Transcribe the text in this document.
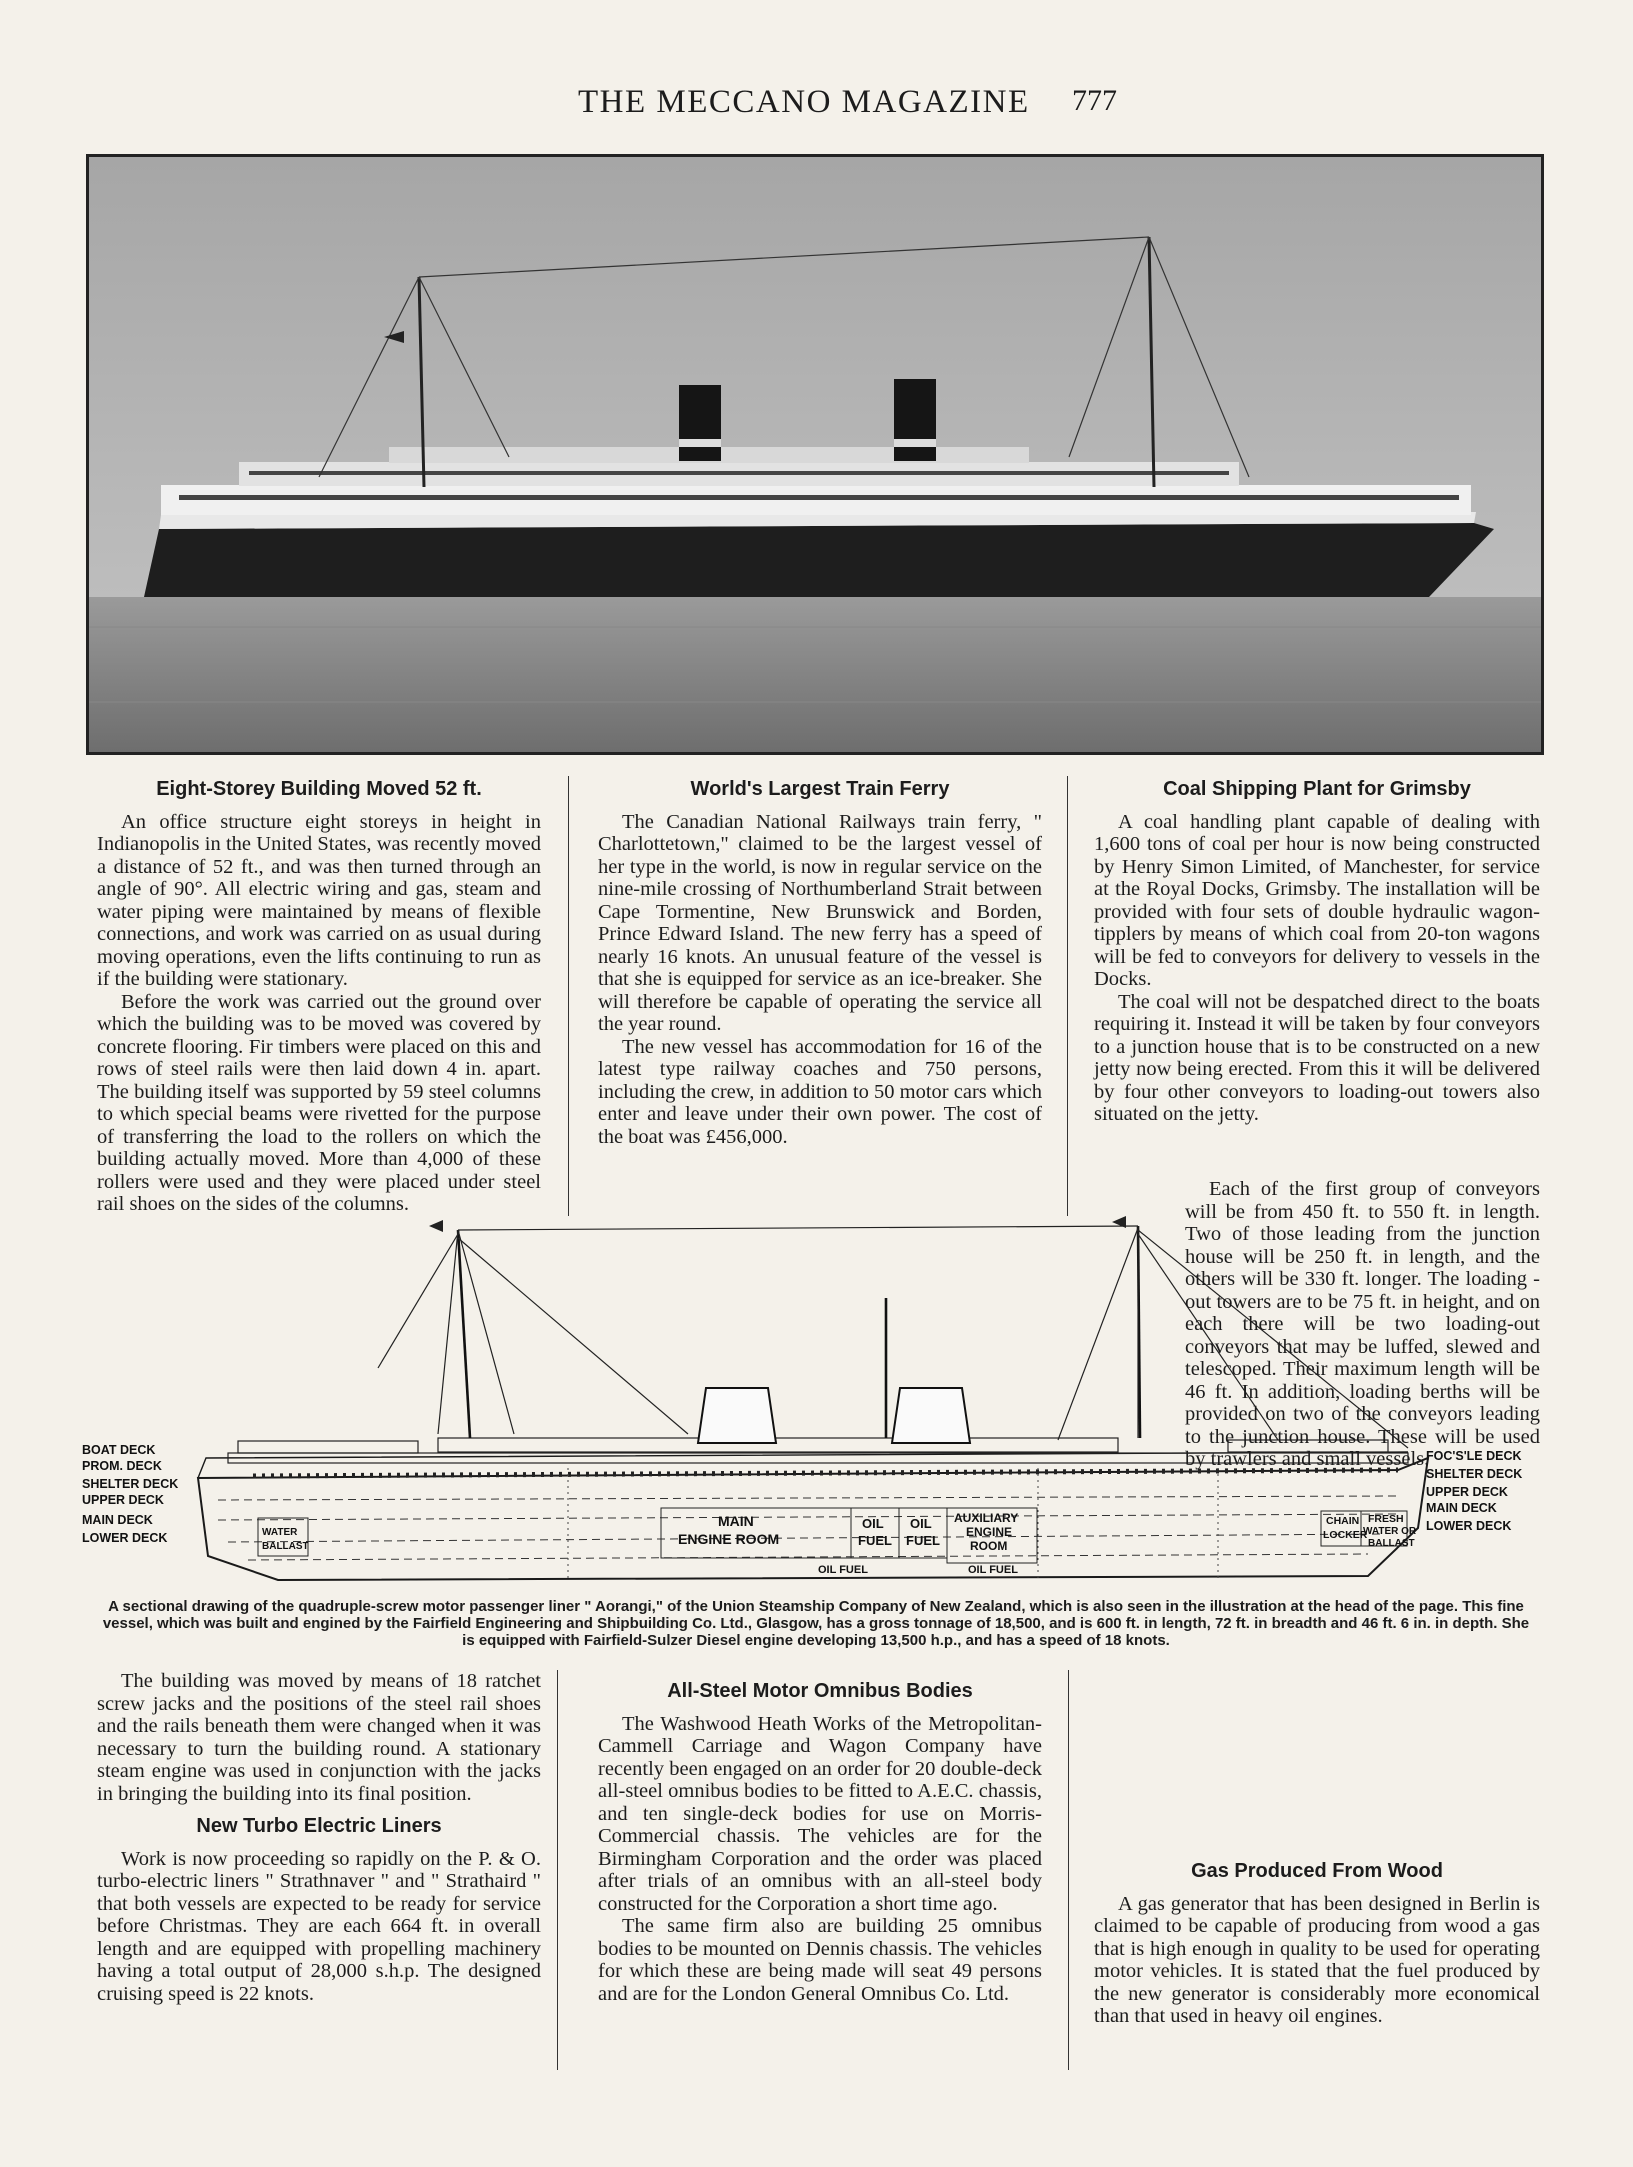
THE MECCANO MAGAZINE 777
Eight-Storey Building Moved 52 ft.

An office structure eight storeys in height in Indianopolis in the United States, was recently moved a distance of 52 ft., and was then turned through an angle of 90°. All electric wiring and gas, steam and water piping were maintained by means of flexible connections, and work was carried on as usual during moving operations, even the lifts continuing to run as if the building were stationary.

Before the work was carried out the ground over which the building was to be moved was covered by concrete flooring. Fir timbers were placed on this and rows of steel rails were then laid down 4 in. apart. The building itself was supported by 59 steel columns to which special beams were rivetted for the purpose of transferring the load to the rollers on which the building actually moved. More than 4,000 of these rollers were used and they were placed under steel rail shoes on the sides of the columns.

World's Largest Train Ferry

The Canadian National Railways train ferry, " Charlottetown," claimed to be the largest vessel of her type in the world, is now in regular service on the nine-mile crossing of Northumberland Strait between Cape Tormentine, New Brunswick and Borden, Prince Edward Island. The new ferry has a speed of nearly 16 knots. An unusual feature of the vessel is that she is equipped for service as an ice-breaker. She will therefore be capable of operating the service all the year round.

The new vessel has accommodation for 16 of the latest type railway coaches and 750 persons, including the crew, in addition to 50 motor cars which enter and leave under their own power. The cost of the boat was £456,000.

Coal Shipping Plant for Grimsby

A coal handling plant capable of dealing with 1,600 tons of coal per hour is now being constructed by Henry Simon Limited, of Manchester, for service at the Royal Docks, Grimsby. The installation will be provided with four sets of double hydraulic wagon-tipplers by means of which coal from 20-ton wagons will be fed to conveyors for delivery to vessels in the Docks.

The coal will not be despatched direct to the boats requiring it. Instead it will be taken by four conveyors to a junction house that is to be constructed on a new jetty now being erected. From this it will be delivered by four other conveyors to loading-out towers also situated on the jetty.

BOAT DECK
PROM. DECK
SHELTER DECK
UPPER DECK
MAIN DECK
LOWER DECK
FOC'S'LE DECK
SHELTER DECK
UPPER DECK
MAIN DECK
LOWER DECK
WATER
BALLAST
MAIN
ENGINE ROOM
OIL
FUEL
OIL
FUEL
AUXILIARY
ENGINE
ROOM
OIL FUEL	OIL FUEL
CHAIN
LOCKER
FRESH
WATER OR
BALLAST

Each of the first group of conveyors will be from 450 ft. to 550 ft. in length. Two of those leading from the junction house will be 250 ft. in length, and the others will be 330 ft. longer. The loading - out towers are to be 75 ft. in height, and on each there will be two loading-out conveyors that may be luffed, slewed and telescoped. Their maximum length will be 46 ft. In addition, loading berths will be provided on two of the conveyors leading to the junction house. These will be used by trawlers and small vessels.

A sectional drawing of the quadruple-screw motor passenger liner " Aorangi," of the Union Steamship Company of New Zealand, which is also seen in the illustration at the head of the page. This fine vessel, which was built and engined by the Fairfield Engineering and Shipbuilding Co. Ltd., Glasgow, has a gross tonnage of 18,500, and is 600 ft. in length, 72 ft. in breadth and 46 ft. 6 in. in depth. She is equipped with Fairfield-Sulzer Diesel engine developing 13,500 h.p., and has a speed of 18 knots.

The building was moved by means of 18 ratchet screw jacks and the positions of the steel rail shoes and the rails beneath them were changed when it was necessary to turn the building round. A stationary steam engine was used in conjunction with the jacks in bringing the building into its final position.

New Turbo Electric Liners

Work is now proceeding so rapidly on the P. & O. turbo-electric liners " Strathnaver " and " Strathaird " that both vessels are expected to be ready for service before Christmas. They are each 664 ft. in overall length and are equipped with propelling machinery having a total output of 28,000 s.h.p. The designed cruising speed is 22 knots.

All-Steel Motor Omnibus Bodies

The Washwood Heath Works of the Metropolitan-Cammell Carriage and Wagon Company have recently been engaged on an order for 20 double-deck all-steel omnibus bodies to be fitted to A.E.C. chassis, and ten single-deck bodies for use on Morris-Commercial chassis. The vehicles are for the Birmingham Corporation and the order was placed after trials of an omnibus with an all-steel body constructed for the Corporation a short time ago.

The same firm also are building 25 omnibus bodies to be mounted on Dennis chassis. The vehicles for which these are being made will seat 49 persons and are for the London General Omnibus Co. Ltd.

Gas Produced From Wood

A gas generator that has been designed in Berlin is claimed to be capable of producing from wood a gas that is high enough in quality to be used for operating motor vehicles. It is stated that the fuel produced by the new generator is considerably more economical than that used in heavy oil engines.
